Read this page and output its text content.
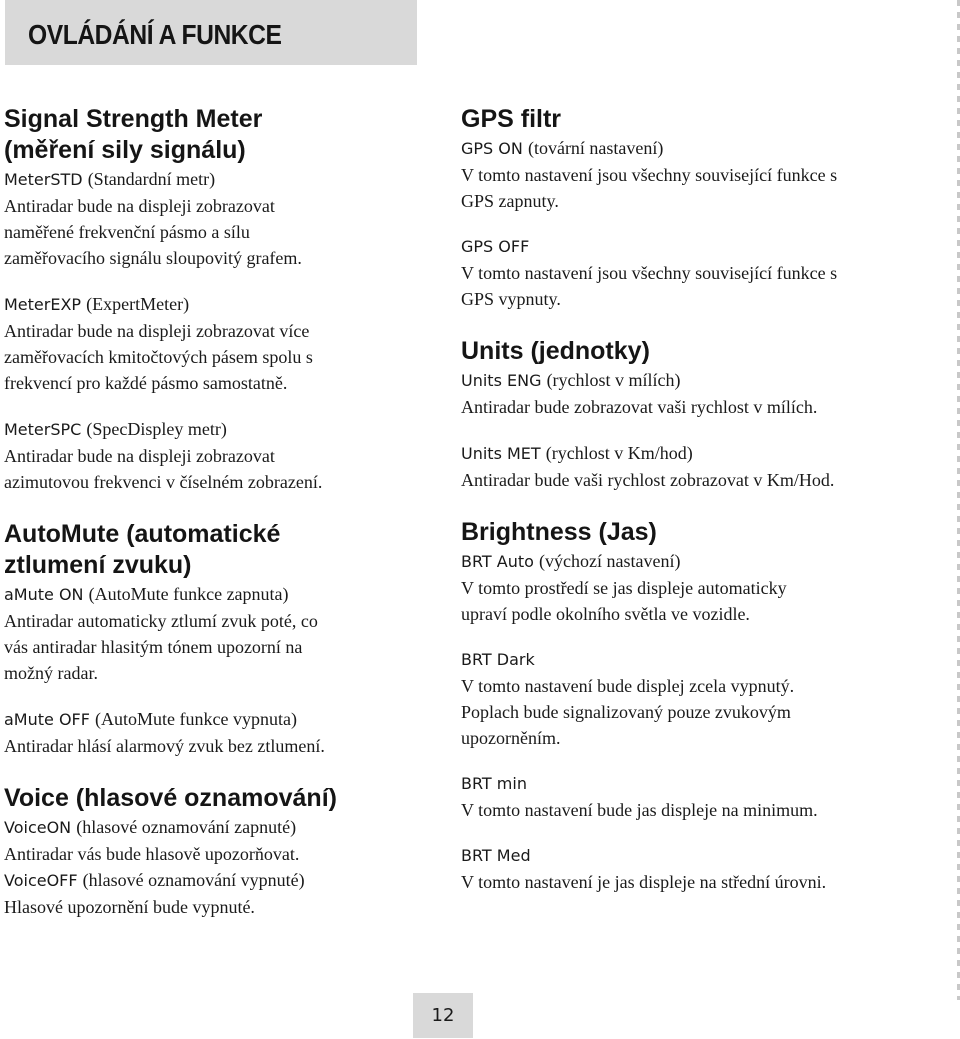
OVLÁDÁNÍ A FUNKCE
Signal Strength Meter
(měření sily signálu)
MeterSTD (Standardní metr)
Antiradar bude na displeji zobrazovat
naměřené frekvenční pásmo a sílu
zaměřovacího signálu sloupovitý grafem.
MeterEXP (ExpertMeter)
Antiradar bude na displeji zobrazovat více
zaměřovacích kmitočtových pásem spolu s
frekvencí pro každé pásmo samostatně.
MeterSPC (SpecDispley metr)
Antiradar bude na displeji zobrazovat
azimutovou frekvenci v číselném zobrazení.
AutoMute (automatické
ztlumení zvuku)
aMute ON (AutoMute funkce zapnuta)
Antiradar automaticky ztlumí zvuk poté, co
vás antiradar hlasitým tónem upozorní na
možný radar.
aMute OFF (AutoMute funkce vypnuta)
Antiradar hlásí alarmový zvuk bez ztlumení.
Voice (hlasové oznamování)
VoiceON (hlasové oznamování zapnuté)
Antiradar vás bude hlasově upozorňovat.
VoiceOFF (hlasové oznamování vypnuté)
Hlasové upozornění bude vypnuté.
GPS filtr
GPS ON (tovární nastavení)
V tomto nastavení jsou všechny související funkce s
GPS zapnuty.
GPS OFF
V tomto nastavení jsou všechny související funkce s
GPS vypnuty.
Units (jednotky)
Units ENG (rychlost v mílích)
Antiradar bude zobrazovat vaši rychlost v mílích.
Units MET (rychlost v Km/hod)
Antiradar bude vaši rychlost zobrazovat v Km/Hod.
Brightness (Jas)
BRT Auto (výchozí nastavení)
V tomto prostředí se jas displeje automaticky
upraví podle okolního světla ve vozidle.
BRT Dark
V tomto nastavení bude displej zcela vypnutý.
Poplach bude signalizovaný pouze zvukovým
upozorněním.
BRT min
V tomto nastavení bude jas displeje na minimum.
BRT Med
V tomto nastavení je jas displeje na střední úrovni.
12
